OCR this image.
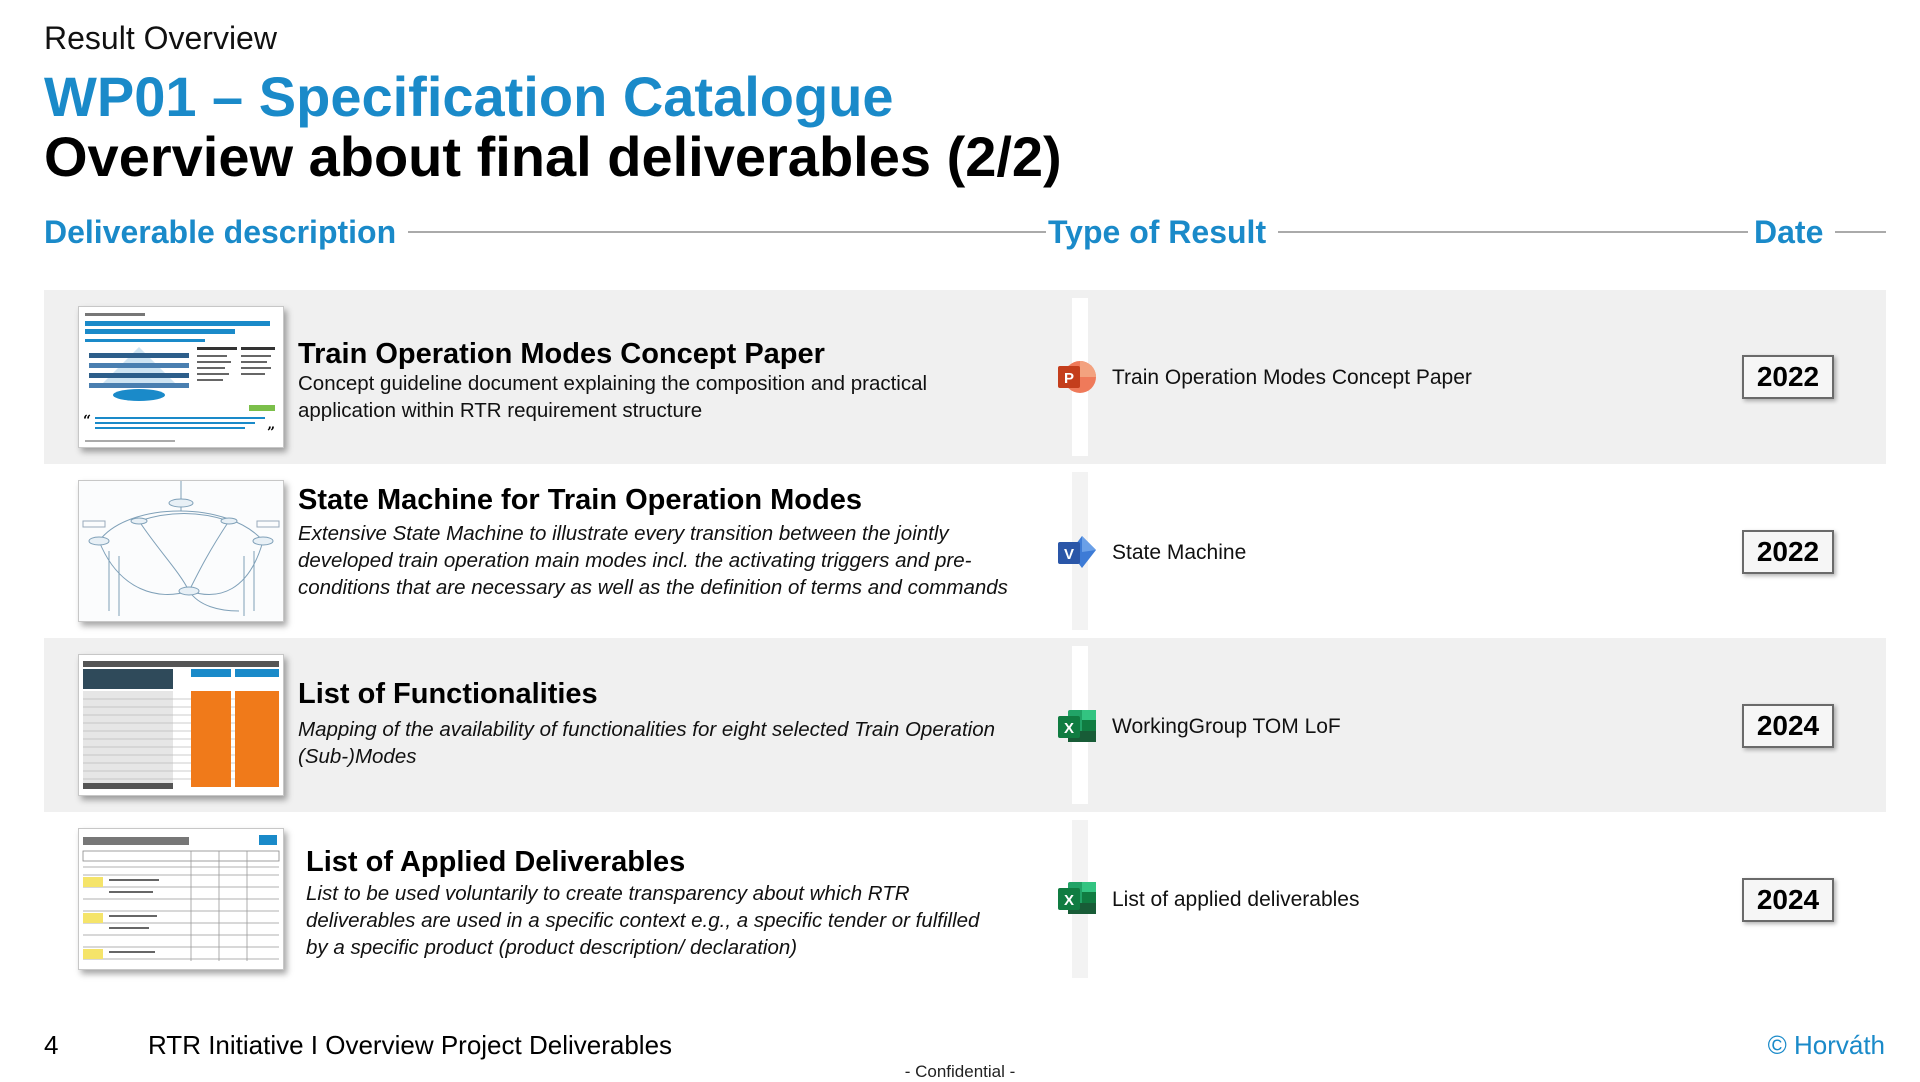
Result Overview
WP01 – Specification Catalogue
Overview about final deliverables (2/2)
Deliverable description	Type of Result	Date
“
”
Train Operation Modes Concept Paper
Concept guideline document explaining the composition and practical application within RTR requirement structure
P Train Operation Modes Concept Paper	2022
State Machine for Train Operation Modes
Extensive State Machine to illustrate every transition between the jointly developed train operation main modes incl. the activating triggers and pre-conditions that are necessary as well as the definition of terms and commands
V State Machine	2022
List of Functionalities
Mapping of the availability of functionalities for eight selected Train Operation (Sub-)Modes
X WorkingGroup TOM LoF	2024
List of Applied Deliverables
List to be used voluntarily to create transparency about which RTR deliverables are used in a specific context e.g., a specific tender or fulfilled by a specific product (product description/ declaration)
X List of applied deliverables	2024
4	RTR Initiative I Overview Project Deliverables	© Horváth
- Confidential -
